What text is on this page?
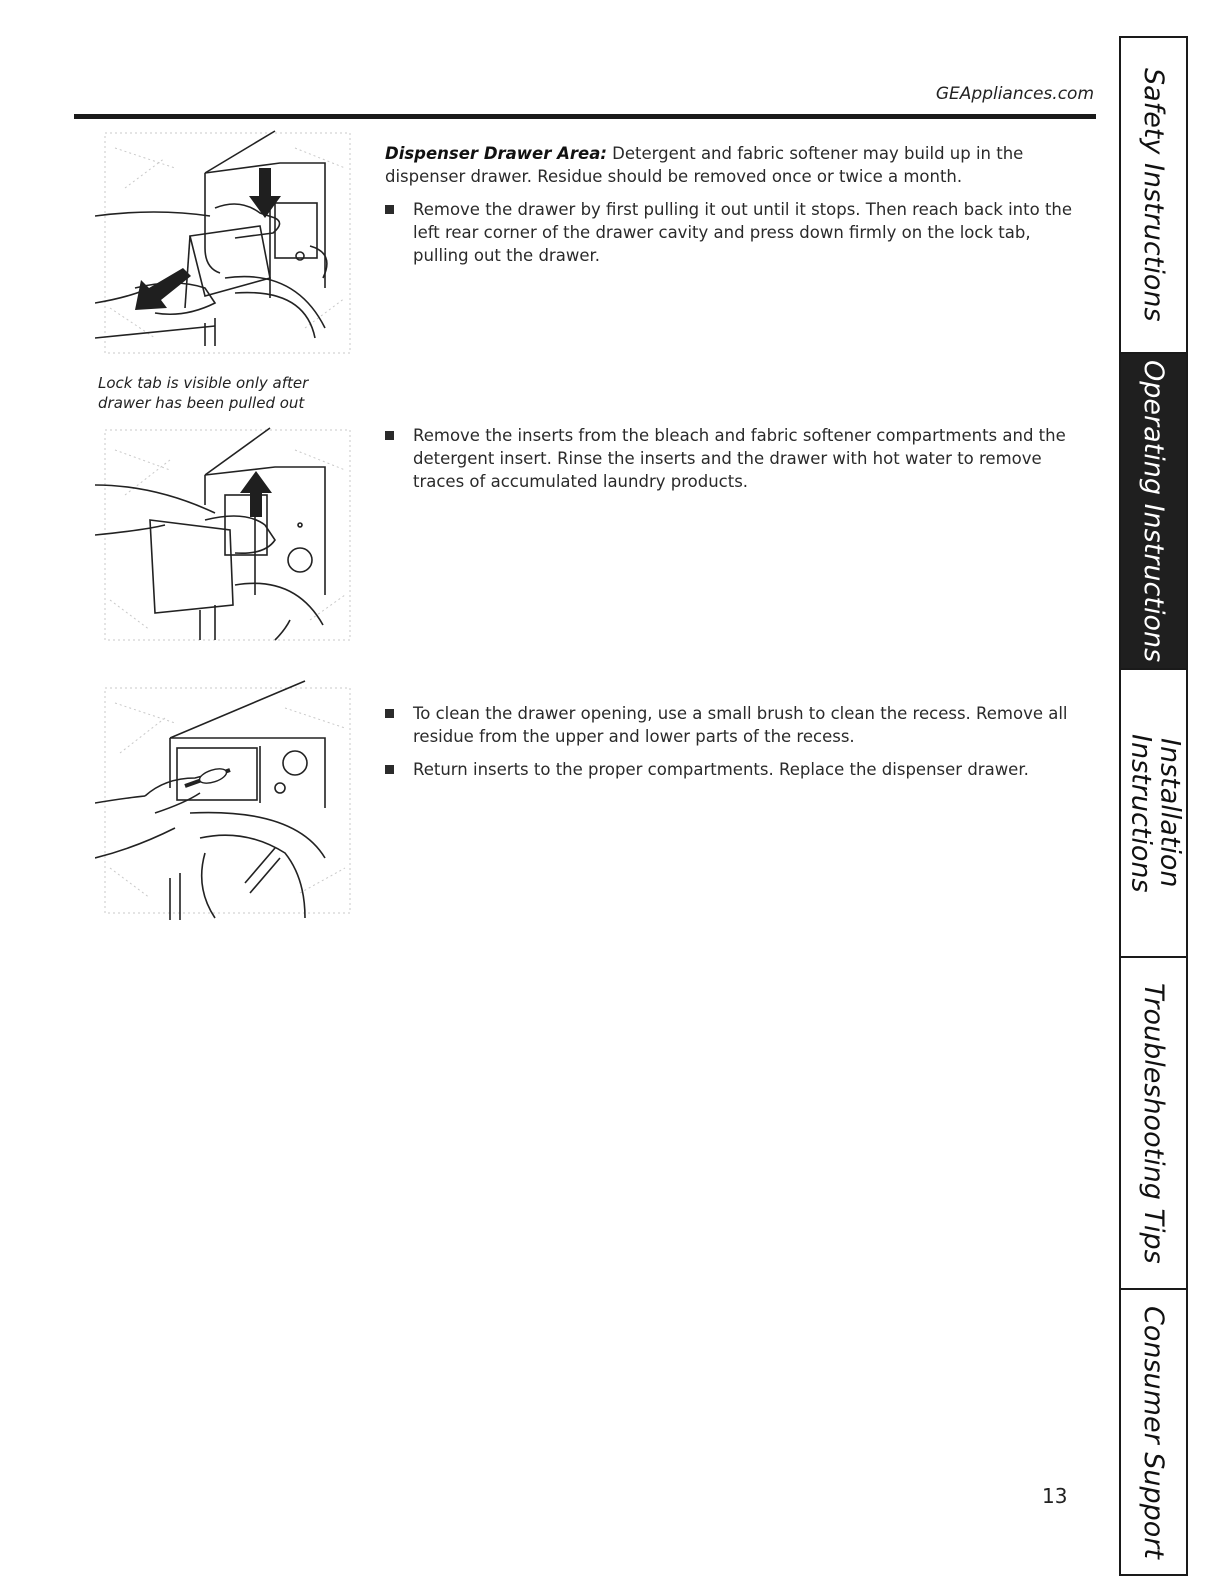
GEAppliances.com
Lock tab is visible only after
drawer has been pulled out
Dispenser Drawer Area: Detergent and fabric softener may build up in the dispenser drawer. Residue should be removed once or twice a month.
Remove the drawer by first pulling it out until it stops. Then reach back into the left rear corner of the drawer cavity and press down firmly on the lock tab, pulling out the drawer.
Remove the inserts from the bleach and fabric softener compartments and the detergent insert. Rinse the inserts and the drawer with hot water to remove traces of accumulated laundry products.
To clean the drawer opening, use a small brush to clean the recess. Remove all residue from the upper and lower parts of the recess.
Return inserts to the proper compartments. Replace the dispenser drawer.
13
Safety Instructions
Operating Instructions
Installation Instructions
Troubleshooting Tips
Consumer Support
